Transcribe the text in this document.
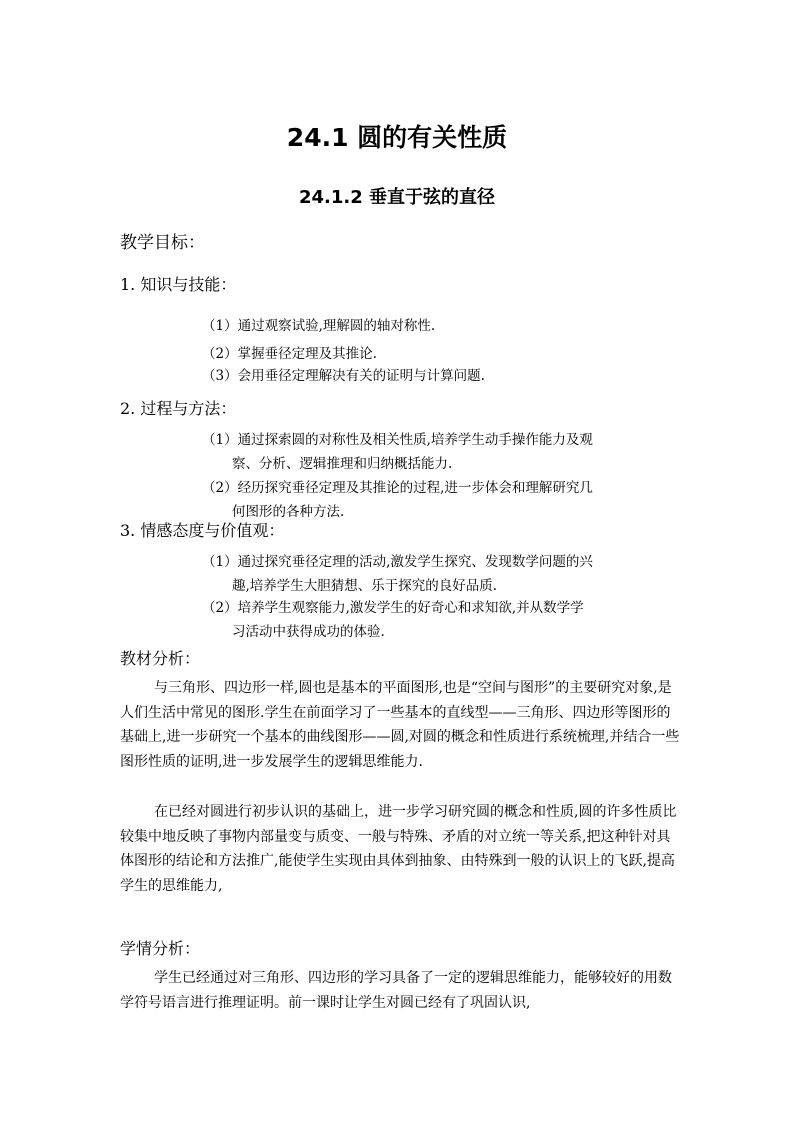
24.1 圆的有关性质
24.1.2 垂直于弦的直径
教学目标：
1. 知识与技能：
（1）通过观察试验,理解圆的轴对称性.
（2）掌握垂径定理及其推论.
（3）会用垂径定理解决有关的证明与计算问题.
2. 过程与方法：
（1）通过探索圆的对称性及相关性质,培养学生动手操作能力及观
察、分析、逻辑推理和归纳概括能力.
（2）经历探究垂径定理及其推论的过程,进一步体会和理解研究几
何图形的各种方法.
3. 情感态度与价值观：
（1）通过探究垂径定理的活动,激发学生探究、发现数学问题的兴
趣,培养学生大胆猜想、乐于探究的良好品质.
（2）培养学生观察能力,激发学生的好奇心和求知欲,并从数学学
习活动中获得成功的体验.
教材分析：
与三角形、四边形一样,圆也是基本的平面图形,也是“空间与图形”的主要研究对象,是人们生活中常见的图形.学生在前面学习了一些基本的直线型——三角形、四边形等图形的基础上,进一步研究一个基本的曲线图形——圆,对圆的概念和性质进行系统梳理,并结合一些图形性质的证明,进一步发展学生的逻辑思维能力.
在已经对圆进行初步认识的基础上，进一步学习研究圆的概念和性质,圆的许多性质比较集中地反映了事物内部量变与质变、一般与特殊、矛盾的对立统一等关系,把这种针对具体图形的结论和方法推广,能使学生实现由具体到抽象、由特殊到一般的认识上的飞跃,提高学生的思维能力,
学情分析：
学生已经通过对三角形、四边形的学习具备了一定的逻辑思维能力，能够较好的用数学符号语言进行推理证明。前一课时让学生对圆已经有了巩固认识,
